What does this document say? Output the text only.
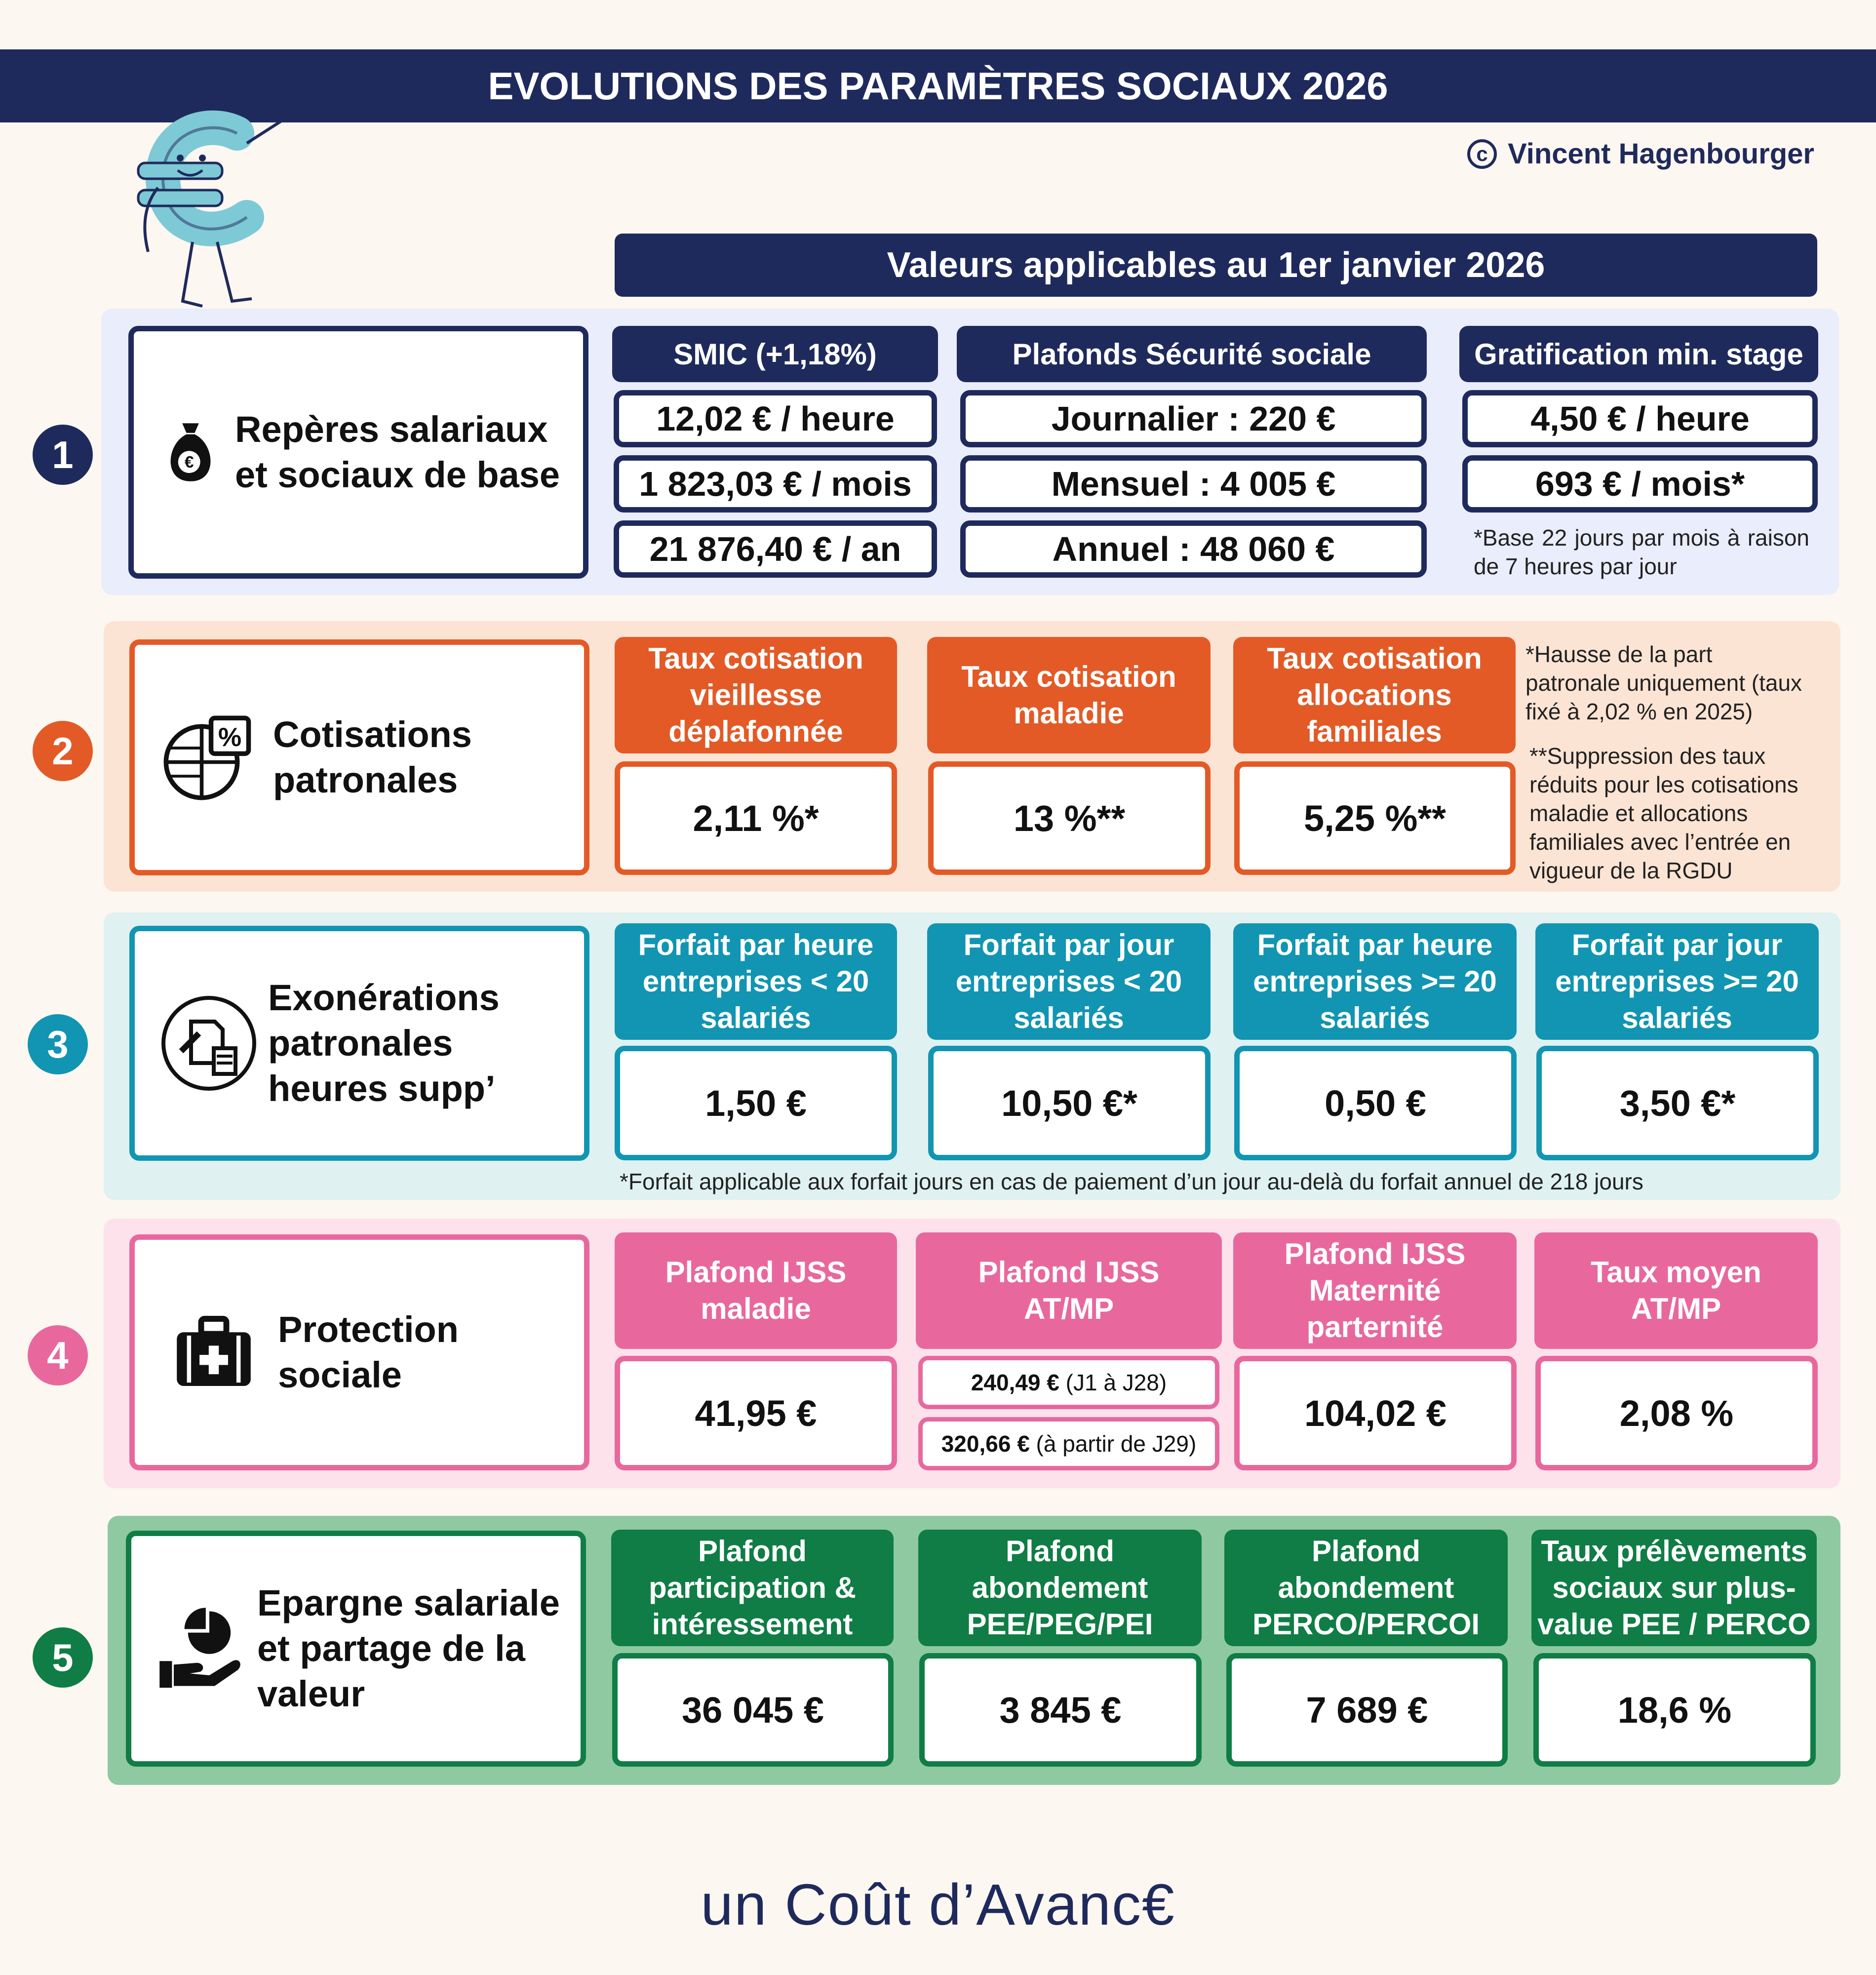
EVOLUTIONS DES PARAMÈTRES SOCIAUX 2026
c Vincent Hagenbourger
Valeurs applicables au 1er janvier 2026
1	€
Repères salariaux
et sociaux de base
SMIC (+1,18%)
12,02 € / heure
1 823,03 € / mois
21 876,40 € / an
Plafonds Sécurité sociale
Journalier : 220 €
Mensuel : 4 005 €
Annuel : 48 060 €
Gratification min. stage
4,50 € / heure
693 € / mois*
*Base 22 jours par mois à raison de 7 heures par jour
2	% Cotisations
patronales
Taux cotisation
vieillesse
déplafonnée
2,11 %*
Taux cotisation
maladie
13 %**
Taux cotisation
allocations
familiales
5,25 %**
*Hausse de la part
patronale uniquement (taux
fixé à 2,02 % en 2025)
**Suppression des taux
réduits pour les cotisations
maladie et allocations
familiales avec l’entrée en
vigueur de la RGDU
3
Exonérations
patronales
heures supp’
Forfait par heure
entreprises < 20
salariés
1,50 €
Forfait par jour
entreprises < 20
salariés
10,50 €*
Forfait par heure
entreprises >= 20
salariés
0,50 €
Forfait par jour
entreprises >= 20
salariés
3,50 €*
*Forfait applicable aux forfait jours en cas de paiement d’un jour au-delà du forfait annuel de 218 jours
4
Protection
sociale
Plafond IJSS
maladie
41,95 €
Plafond IJSS
AT/MP
240,49 € (J1 à J28)
320,66 € (à partir de J29)
Plafond IJSS
Maternité
parternité
104,02 €
Taux moyen
AT/MP
2,08 %
5
Epargne salariale
et partage de la
valeur
Plafond
participation &
intéressement
36 045 €
Plafond
abondement
PEE/PEG/PEI
3 845 €
Plafond
abondement
PERCO/PERCOI
7 689 €
Taux prélèvements
sociaux sur plus-
value PEE / PERCO
18,6 %
un Coût d’Avanc€
